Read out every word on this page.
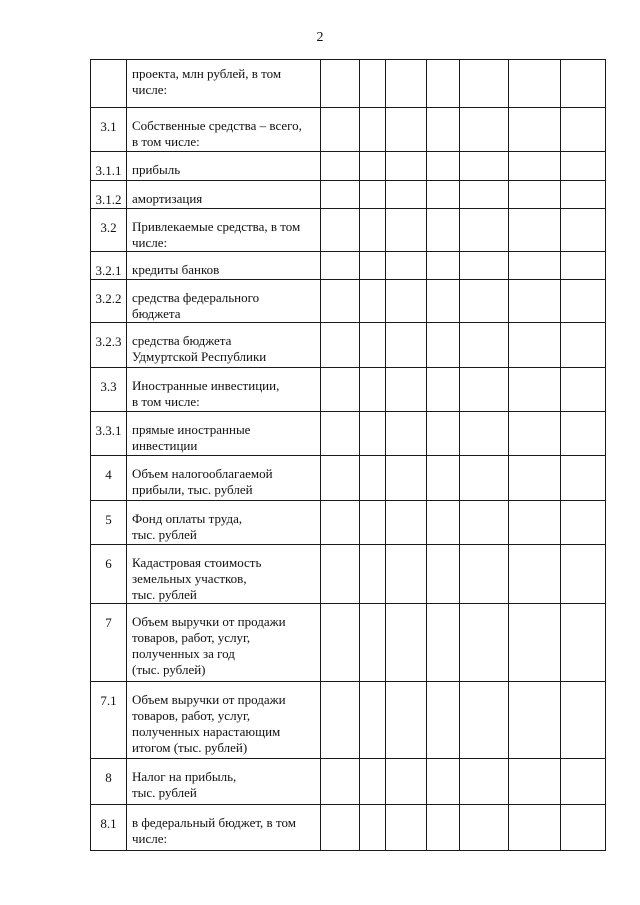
2

	проекта, млн рублей, в том
числе:							

3.1	Собственные средства – всего,
в том числе:							

3.1.1	прибыль							

3.1.2	амортизация							

3.2	Привлекаемые средства, в том
числе:							

3.2.1	кредиты банков							

3.2.2	средства федерального
бюджета							

3.2.3	средства бюджета
Удмуртской Республики							

3.3	Иностранные инвестиции,
в том числе:							

3.3.1	прямые иностранные
инвестиции							

4	Объем налогооблагаемой
прибыли, тыс. рублей							

5	Фонд оплаты труда,
тыс. рублей							

6	Кадастровая стоимость
земельных участков,
тыс. рублей							

7	Объем выручки от продажи
товаров, работ, услуг,
полученных за год
(тыс. рублей)							

7.1	Объем выручки от продажи
товаров, работ, услуг,
полученных нарастающим
итогом (тыс. рублей)							

8	Налог на прибыль,
тыс. рублей							

8.1	в федеральный бюджет, в том
числе:							
